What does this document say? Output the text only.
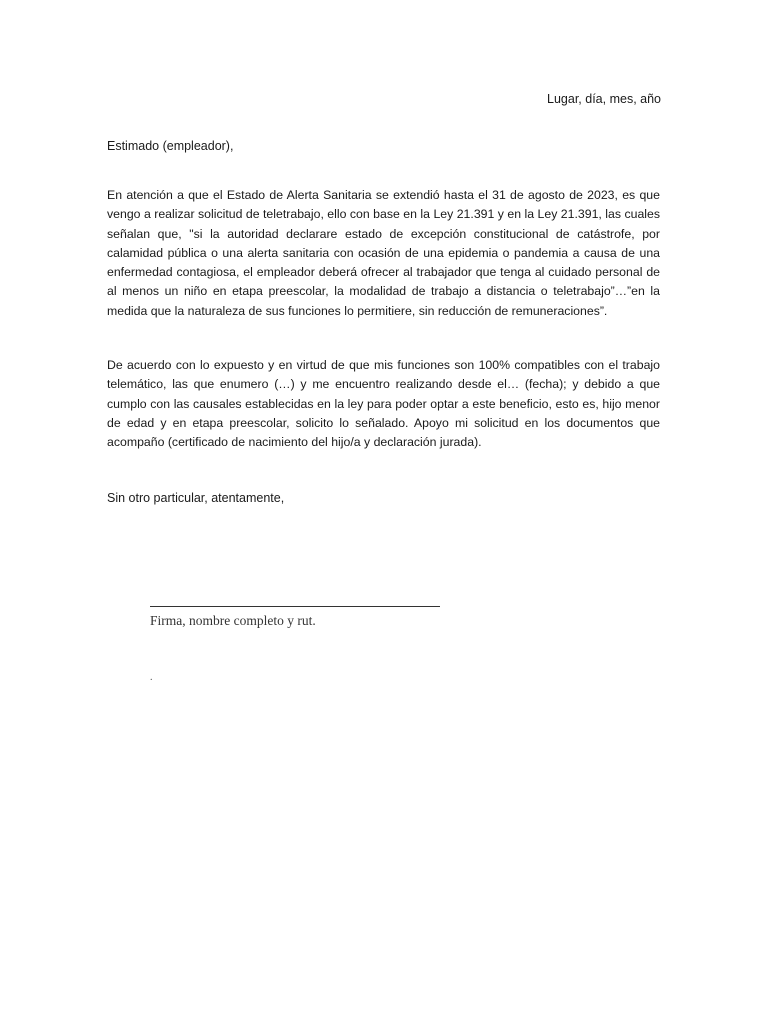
Lugar, día, mes, año
Estimado (empleador),

En atención a que el Estado de Alerta Sanitaria se extendió hasta el 31 de agosto de 2023, es que vengo a realizar solicitud de teletrabajo, ello con base en la Ley 21.391 y en la Ley 21.391, las cuales señalan que, "si la autoridad declarare estado de excepción constitucional de catástrofe, por calamidad pública o una alerta sanitaria con ocasión de una epidemia o pandemia a causa de una enfermedad contagiosa, el empleador deberá ofrecer al trabajador que tenga al cuidado personal de al menos un niño en etapa preescolar, la modalidad de trabajo a distancia o teletrabajo”…”en la medida que la naturaleza de sus funciones lo permitiere, sin reducción de remuneraciones”.

De acuerdo con lo expuesto y en virtud de que mis funciones son 100% compatibles con el trabajo telemático, las que enumero (…) y me encuentro realizando desde el… (fecha); y debido a que cumplo con las causales establecidas en la ley para poder optar a este beneficio, esto es, hijo menor de edad y en etapa preescolar, solicito lo señalado. Apoyo mi solicitud en los documentos que acompaño (certificado de nacimiento del hijo/a y declaración jurada).

Sin otro particular, atentamente,
Firma, nombre completo y rut.
.
